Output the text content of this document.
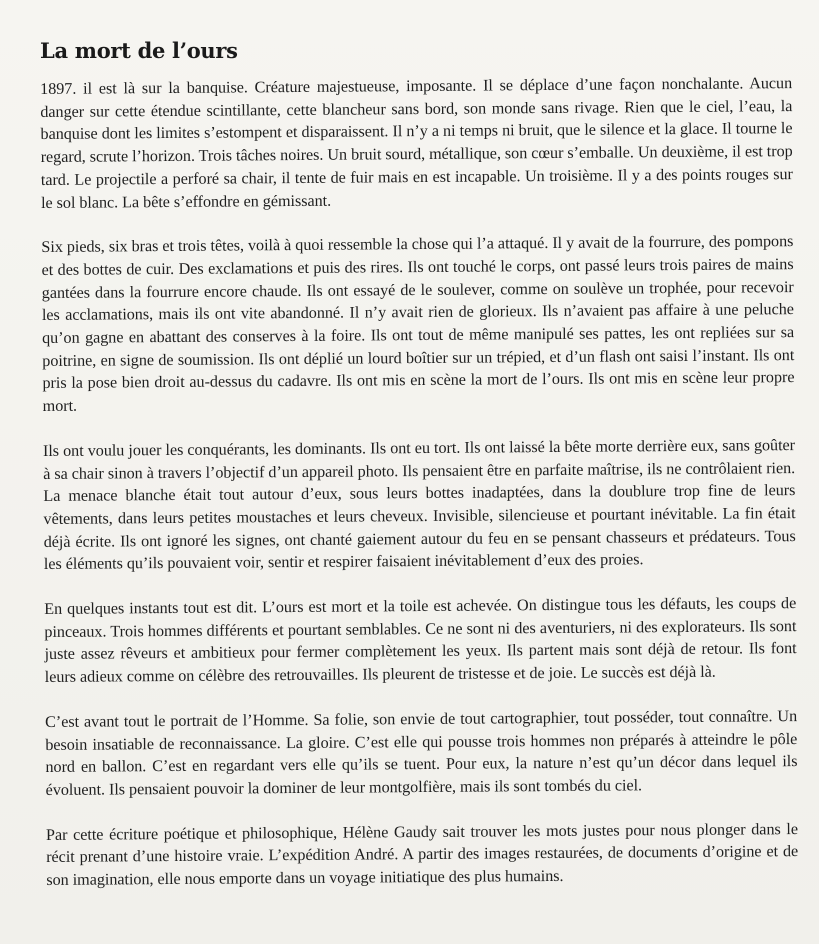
La mort de l’ours

1897. il est là sur la banquise. Créature majestueuse, imposante. Il se déplace d’une façon nonchalante. Aucun danger sur cette étendue scintillante, cette blancheur sans bord, son monde sans rivage. Rien que le ciel, l’eau, la banquise dont les limites s’estompent et disparaissent. Il n’y a ni temps ni bruit, que le silence et la glace. Il tourne le regard, scrute l’horizon. Trois tâches noires. Un bruit sourd, métallique, son cœur s’emballe. Un deuxième, il est trop tard. Le projectile a perforé sa chair, il tente de fuir mais en est incapable. Un troisième. Il y a des points rouges sur le sol blanc. La bête s’effondre en gémissant.

Six pieds, six bras et trois têtes, voilà à quoi ressemble la chose qui l’a attaqué. Il y avait de la fourrure, des pompons et des bottes de cuir. Des exclamations et puis des rires. Ils ont touché le corps, ont passé leurs trois paires de mains gantées dans la fourrure encore chaude. Ils ont essayé de le soulever, comme on soulève un trophée, pour recevoir les acclamations, mais ils ont vite abandonné. Il n’y avait rien de glorieux. Ils n’avaient pas affaire à une peluche qu’on gagne en abattant des conserves à la foire. Ils ont tout de même manipulé ses pattes, les ont repliées sur sa poitrine, en signe de soumission. Ils ont déplié un lourd boîtier sur un trépied, et d’un flash ont saisi l’instant. Ils ont pris la pose bien droit au-dessus du cadavre. Ils ont mis en scène la mort de l’ours. Ils ont mis en scène leur propre mort.

Ils ont voulu jouer les conquérants, les dominants. Ils ont eu tort. Ils ont laissé la bête morte derrière eux, sans goûter à sa chair sinon à travers l’objectif d’un appareil photo. Ils pensaient être en parfaite maîtrise, ils ne contrôlaient rien. La menace blanche était tout autour d’eux, sous leurs bottes inadaptées, dans la doublure trop fine de leurs vêtements, dans leurs petites moustaches et leurs cheveux. Invisible, silencieuse et pourtant inévitable. La fin était déjà écrite. Ils ont ignoré les signes, ont chanté gaiement autour du feu en se pensant chasseurs et prédateurs. Tous les éléments qu’ils pouvaient voir, sentir et respirer faisaient inévitablement d’eux des proies.

En quelques instants tout est dit. L’ours est mort et la toile est achevée. On distingue tous les défauts, les coups de pinceaux. Trois hommes différents et pourtant semblables. Ce ne sont ni des aventuriers, ni des explorateurs. Ils sont juste assez rêveurs et ambitieux pour fermer complètement les yeux. Ils partent mais sont déjà de retour. Ils font leurs adieux comme on célèbre des retrouvailles. Ils pleurent de tristesse et de joie. Le succès est déjà là.

C’est avant tout le portrait de l’Homme. Sa folie, son envie de tout cartographier, tout posséder, tout connaître. Un besoin insatiable de reconnaissance. La gloire. C’est elle qui pousse trois hommes non préparés à atteindre le pôle nord en ballon. C’est en regardant vers elle qu’ils se tuent. Pour eux, la nature n’est qu’un décor dans lequel ils évoluent. Ils pensaient pouvoir la dominer de leur montgolfière, mais ils sont tombés du ciel.

Par cette écriture poétique et philosophique, Hélène Gaudy sait trouver les mots justes pour nous plonger dans le récit prenant d’une histoire vraie. L’expédition André. A partir des images restaurées, de documents d’origine et de son imagination, elle nous emporte dans un voyage initiatique des plus humains.
